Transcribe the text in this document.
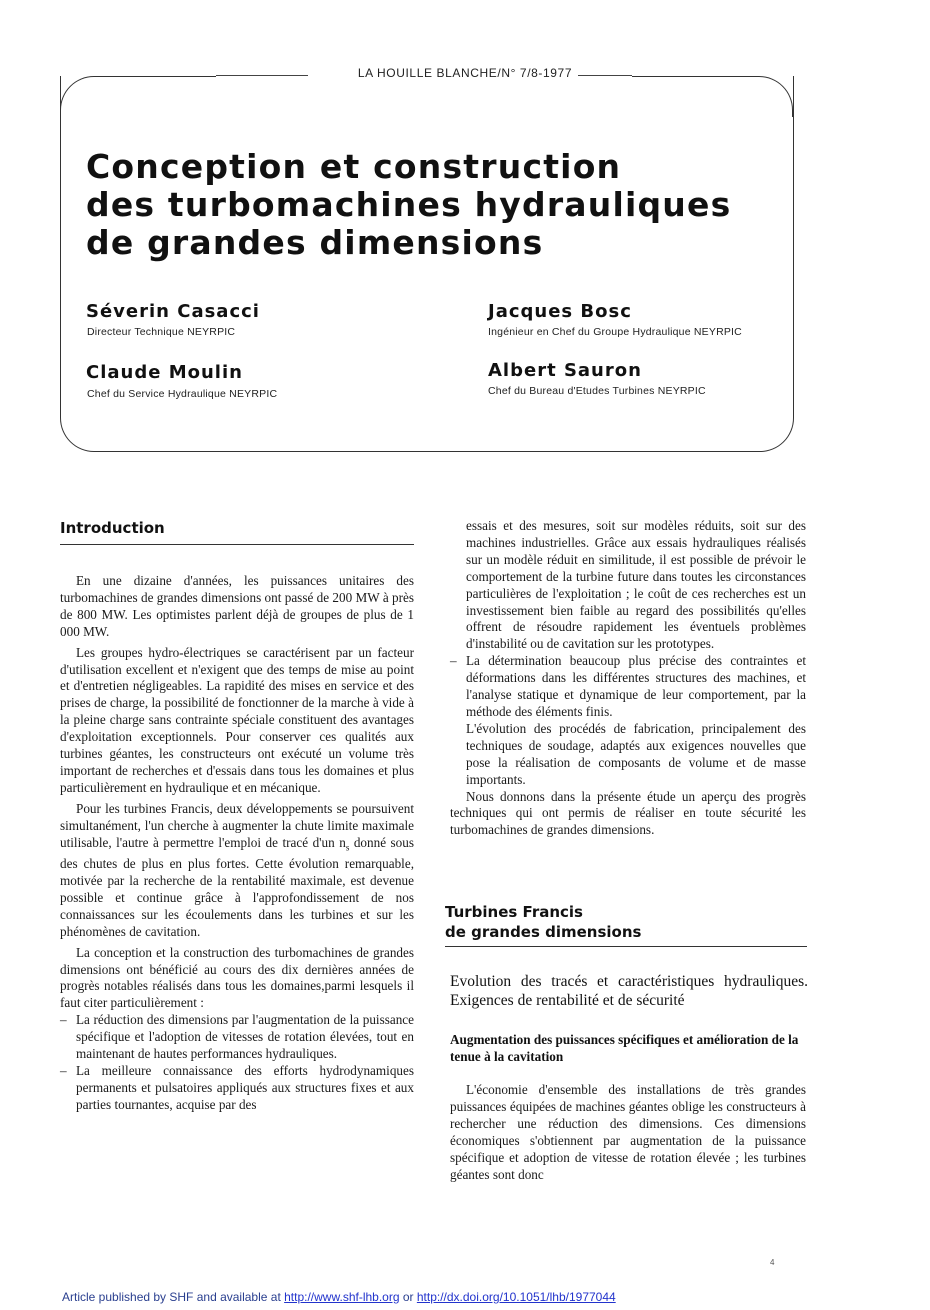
LA HOUILLE BLANCHE/N° 7/8-1977
Conception et construction
des turbomachines hydrauliques
de grandes dimensions
Séverin Casacci
Directeur Technique NEYRPIC
Jacques Bosc
Ingénieur en Chef du Groupe Hydraulique NEYRPIC
Claude Moulin
Chef du Service Hydraulique NEYRPIC
Albert Sauron
Chef du Bureau d'Etudes Turbines NEYRPIC
Introduction

En une dizaine d'années, les puissances unitaires des turbomachines de grandes dimensions ont passé de 200 MW à près de 800 MW. Les optimistes parlent déjà de groupes de plus de 1 000 MW.

Les groupes hydro-électriques se caractérisent par un facteur d'utilisation excellent et n'exigent que des temps de mise au point et d'entretien négligeables. La rapidité des mises en service et des prises de charge, la possibilité de fonctionner de la marche à vide à la pleine charge sans contrainte spéciale constituent des avantages d'exploitation exceptionnels. Pour conserver ces qualités aux turbines géantes, les constructeurs ont exécuté un volume très important de recherches et d'essais dans tous les domaines et plus particulièrement en hydraulique et en mécanique.

Pour les turbines Francis, deux développements se poursuivent simultanément, l'un cherche à augmenter la chute limite maximale utilisable, l'autre à permettre l'emploi de tracé d'un $n_s$ donné sous des chutes de plus en plus fortes. Cette évolution remarquable, motivée par la recherche de la rentabilité maximale, est devenue possible et continue grâce à l'approfondissement de nos connaissances sur les écoulements dans les turbines et sur les phénomènes de cavitation.

La conception et la construction des turbomachines de grandes dimensions ont bénéficié au cours des dix dernières années de progrès notables réalisés dans tous les domaines,parmi lesquels il faut citer particulièrement :

– La réduction des dimensions par l'augmentation de la puissance spécifique et l'adoption de vitesses de rotation élevées, tout en maintenant de hautes performances hydrauliques.
– La meilleure connaissance des efforts hydrodynamiques permanents et pulsatoires appliqués aux structures fixes et aux parties tournantes, acquise par des

essais et des mesures, soit sur modèles réduits, soit sur des machines industrielles. Grâce aux essais hydrauliques réalisés sur un modèle réduit en similitude, il est possible de prévoir le comportement de la turbine future dans toutes les circonstances particulières de l'exploitation ; le coût de ces recherches est un investissement bien faible au regard des possibilités qu'elles offrent de résoudre rapidement les éventuels problèmes d'instabilité ou de cavitation sur les prototypes.

– La détermination beaucoup plus précise des contraintes et déformations dans les différentes structures des machines, et l'analyse statique et dynamique de leur comportement, par la méthode des éléments finis.

L'évolution des procédés de fabrication, principalement des techniques de soudage, adaptés aux exigences nouvelles que pose la réalisation de composants de volume et de masse importants.

Nous donnons dans la présente étude un aperçu des progrès techniques qui ont permis de réaliser en toute sécurité les turbomachines de grandes dimensions.

Turbines Francis
de grandes dimensions
Evolution des tracés et caractéristiques hydrauliques. Exigences de rentabilité et de sécurité
Augmentation des puissances spécifiques et amélioration de la tenue à la cavitation

L'économie d'ensemble des installations de très grandes puissances équipées de machines géantes oblige les constructeurs à rechercher une réduction des dimensions. Ces dimensions économiques s'obtiennent par augmentation de la puissance spécifique et adoption de vitesse de rotation élevée ; les turbines géantes sont donc

4
Article published by SHF and available at http://www.shf-lhb.org or http://dx.doi.org/10.1051/lhb/1977044
